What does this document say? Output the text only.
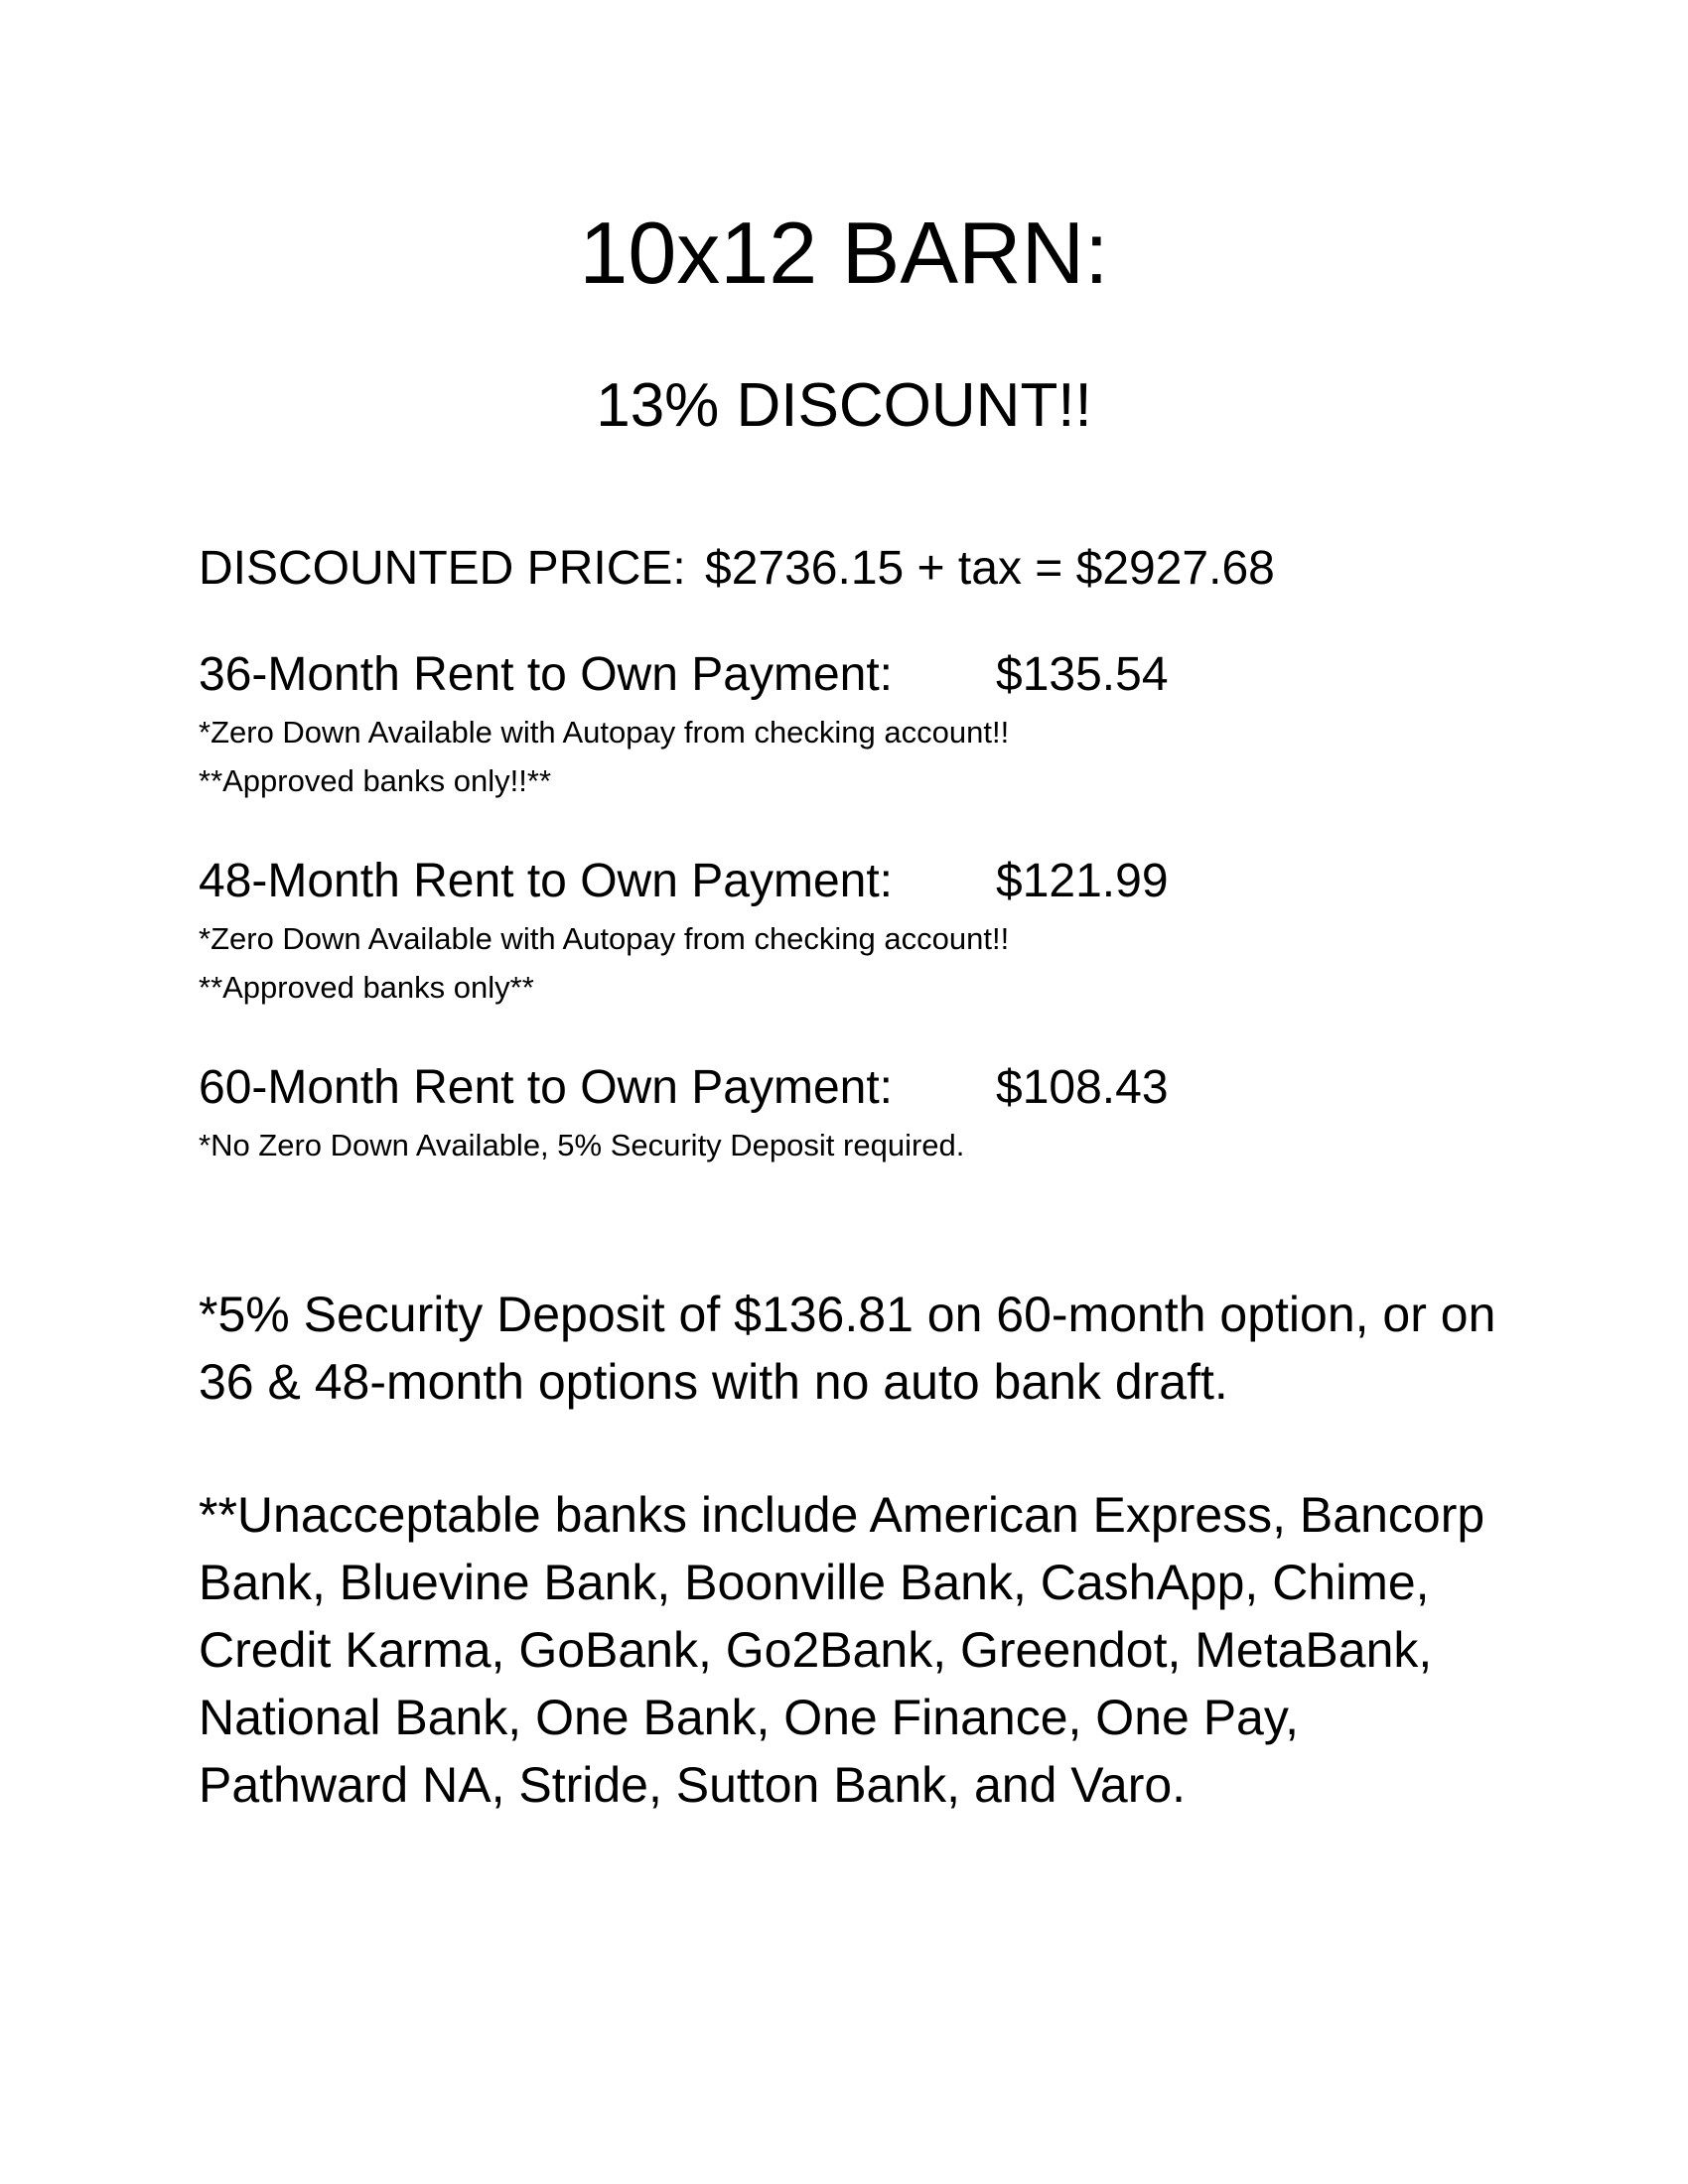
10x12 BARN:
13% DISCOUNT!!
DISCOUNTED PRICE: $2736.15 + tax = $2927.68
36-Month Rent to Own Payment: $135.54
*Zero Down Available with Autopay from checking account!!
**Approved banks only!!**
48-Month Rent to Own Payment: $121.99
*Zero Down Available with Autopay from checking account!!
**Approved banks only**
60-Month Rent to Own Payment: $108.43
*No Zero Down Available, 5% Security Deposit required.
*5% Security Deposit of $136.81 on 60-month option, or on 36 & 48-month options with no auto bank draft.
**Unacceptable banks include American Express, Bancorp Bank, Bluevine Bank, Boonville Bank, CashApp, Chime, Credit Karma, GoBank, Go2Bank, Greendot, MetaBank, National Bank, One Bank, One Finance, One Pay, Pathward NA, Stride, Sutton Bank, and Varo.
